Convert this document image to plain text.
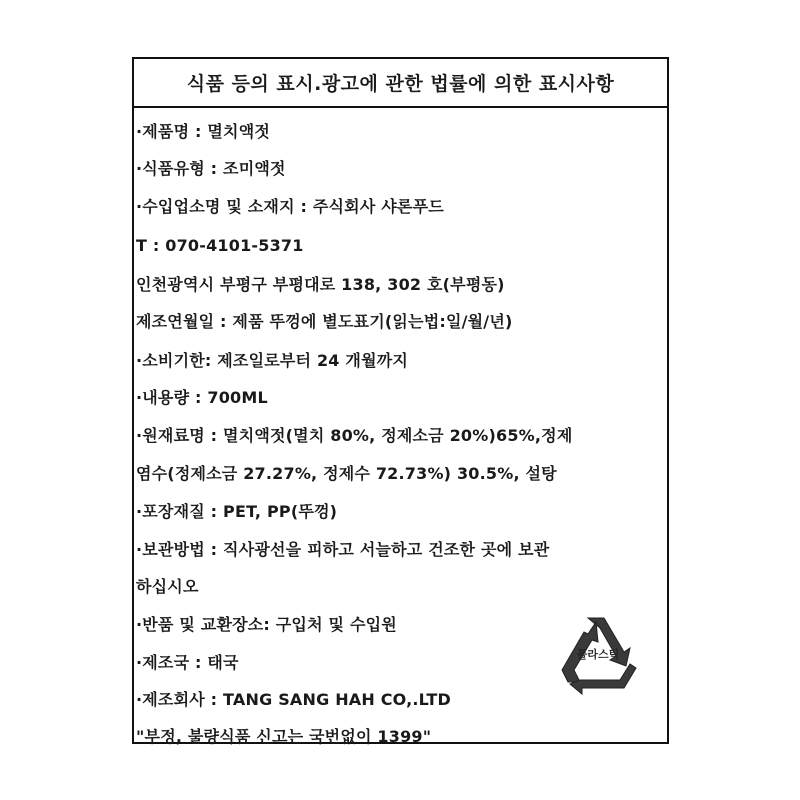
식품 등의 표시.광고에 관한 법률에 의한 표시사항
·제품명 : 멸치액젓
·식품유형 : 조미액젓
·수입업소명 및 소재지 : 주식회사 샤론푸드
T : 070-4101-5371
인천광역시 부평구 부평대로 138, 302 호(부평동)
제조연월일 : 제품 뚜껑에 별도표기(읽는법:일/월/년)
·소비기한: 제조일로부터 24 개월까지
·내용량 : 700ML
·원재료명 : 멸치액젓(멸치 80%, 정제소금 20%)65%,정제
염수(정제소금 27.27%, 정제수 72.73%) 30.5%, 설탕
·포장재질 : PET, PP(뚜껑)
·보관방법 : 직사광선을 피하고 서늘하고 건조한 곳에 보관
하십시오
·반품 및 교환장소: 구입처 및 수입원
·제조국 : 태국
·제조회사 : TANG SANG HAH CO,.LTD
"부정, 불량식품 신고는 국번없이 1399"
플라스틱
